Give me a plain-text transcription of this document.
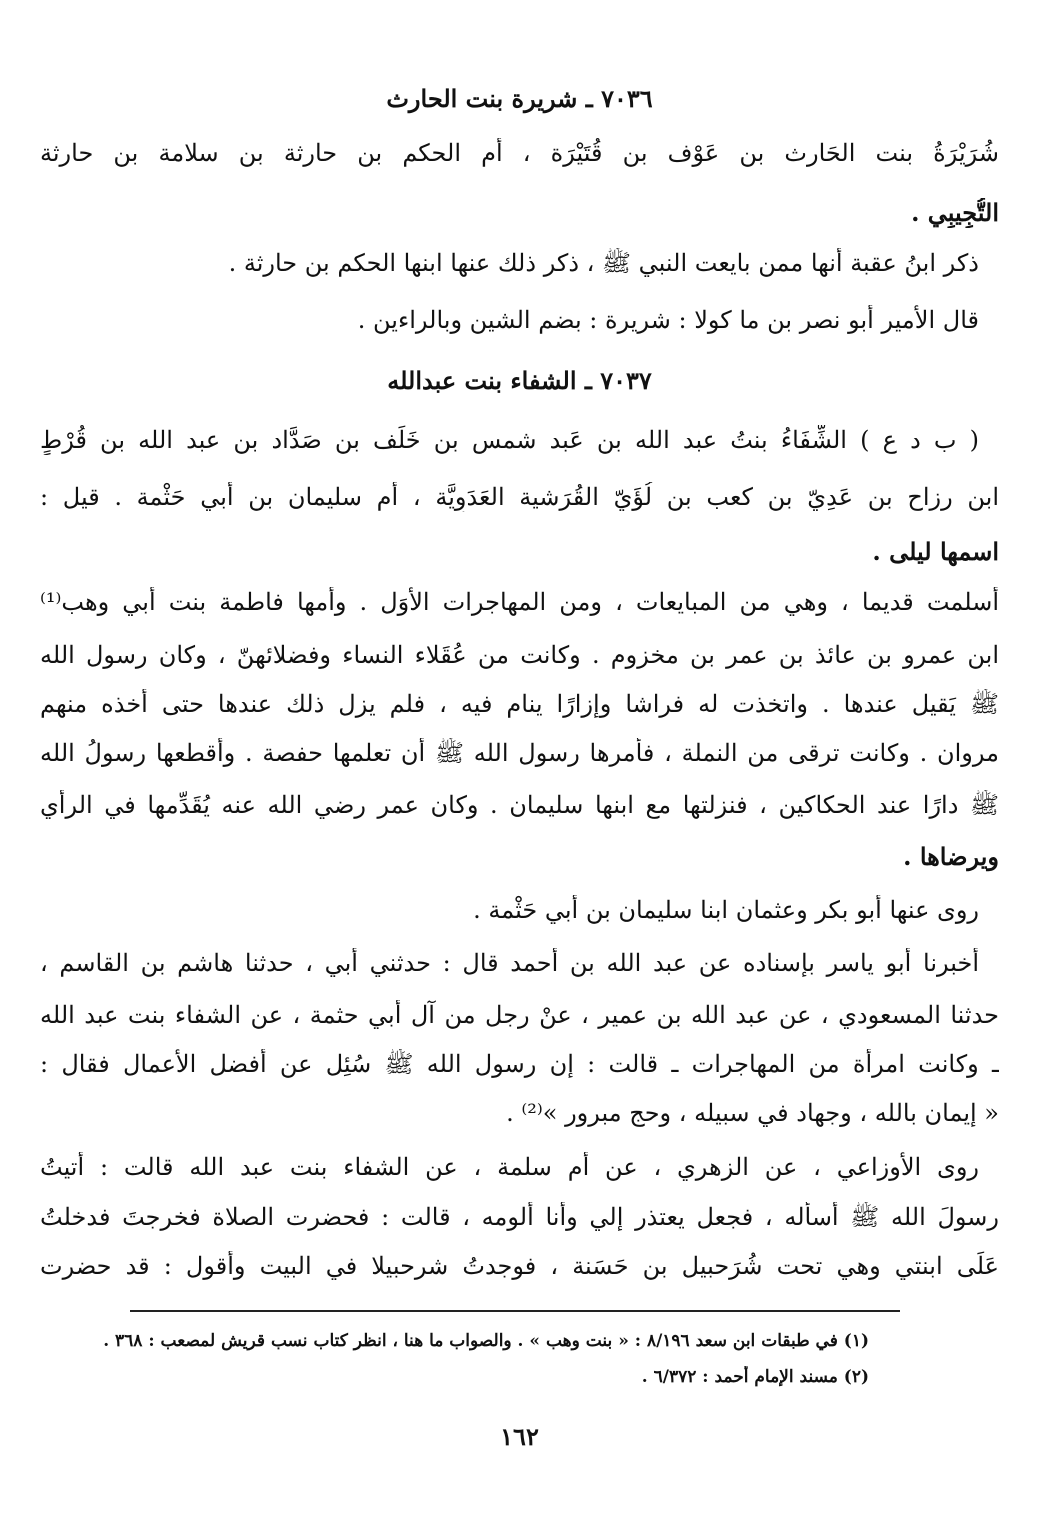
٧٠٣٦ ـ شريرة بنت الحارث
شُرَيْرَةُ بنت الحَارث بن عَوْف بن قُتَيْرَة ، أم الحكم بن حارثة بن سلامة بن حارثة
التُّجِيبِي .
ذكر ابنُ عقبة أنها ممن بايعت النبي ﷺ ، ذكر ذلك عنها ابنها الحكم بن حارثة .
قال الأمير أبو نصر بن ما كولا : شريرة : بضم الشين وبالراءين .
٧٠٣٧ ـ الشفاء بنت عبدالله
( ب د ع ) الشِّفَاءُ بنتُ عبد الله بن عَبد شمس بن خَلَف بن صَدَّاد بن عبد الله بن قُرْطٍ
ابن رزاح بن عَدِيّ بن كعب بن لُؤَيّ القُرَشية العَدَوِيَّة ، أم سليمان بن أبي حَثْمة . قيل :
اسمها ليلى .
أسلمت قديما ، وهي من المبايعات ، ومن المهاجرات الأوَل . وأمها فاطمة بنت أبي وهب⁽¹⁾
ابن عمرو بن عائذ بن عمر بن مخزوم . وكانت من عُقَلاء النساء وفضلائهنّ ، وكان رسول الله
ﷺ يَقيل عندها . واتخذت له فراشا وإزارًا ينام فيه ، فلم يزل ذلك عندها حتى أخذه منهم
مروان . وكانت ترقى من النملة ، فأمرها رسول الله ﷺ أن تعلمها حفصة . وأقطعها رسولُ الله
ﷺ دارًا عند الحكاكين ، فنزلتها مع ابنها سليمان . وكان عمر رضي الله عنه يُقَدِّمها في الرأي
ويرضاها .
روى عنها أبو بكر وعثمان ابنا سليمان بن أبي حَثْمة .
أخبرنا أبو ياسر بإسناده عن عبد الله بن أحمد قال : حدثني أبي ، حدثنا هاشم بن القاسم ،
حدثنا المسعودي ، عن عبد الله بن عمير ، عنْ رجل من آل أبي حثمة ، عن الشفاء بنت عبد الله
ـ وكانت امرأة من المهاجرات ـ قالت : إن رسول الله ﷺ سُئِل عن أفضل الأعمال فقال :
« إيمان بالله ، وجهاد في سبيله ، وحج مبرور »⁽²⁾ .
روى الأوزاعي ، عن الزهري ، عن أم سلمة ، عن الشفاء بنت عبد الله قالت : أتيتُ
رسولَ الله ﷺ أسأله ، فجعل يعتذر إلي وأنا ألومه ، قالت : فحضرت الصلاة فخرجتَ فدخلتُ
عَلَى ابنتي وهي تحت شُرَحبيل بن حَسَنة ، فوجدتُ شرحبيلا في البيت وأقول : قد حضرت
(١) في طبقات ابن سعد ٨/١٩٦ : « بنت وهب » . والصواب ما هنا ، انظر كتاب نسب قريش لمصعب : ٣٦٨ .
(٢) مسند الإمام أحمد : ٦/٣٧٢ .
١٦٢
